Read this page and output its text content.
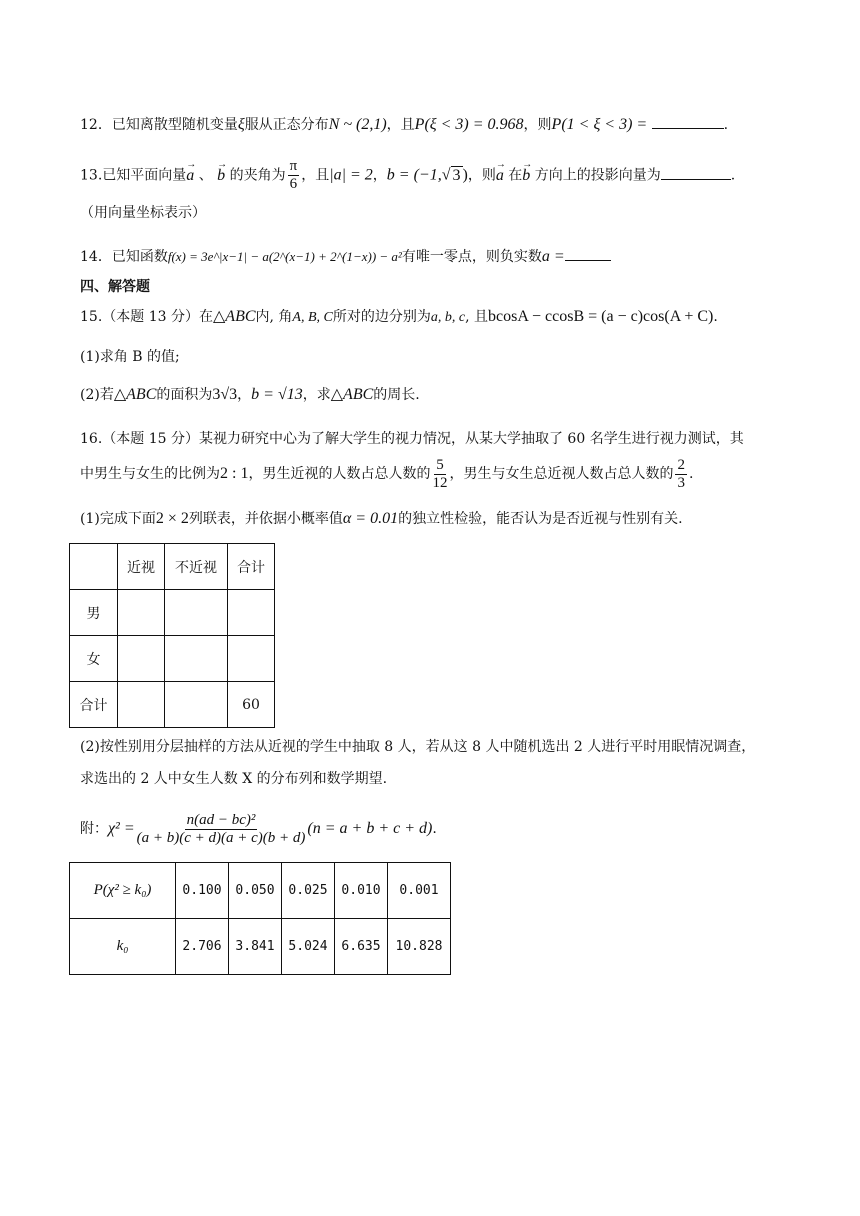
12．已知离散型随机变量ξ服从正态分布N ~ (2,1)，且P(ξ < 3) = 0.968，则P(1 < ξ < 3) =	.
13.已知平面向量→ a 、 → b 的夹角为 $\frac{\pi}{6}$ ，且|a| = 2，b = (−1,√ 3 )，则→ a 在→ b 方向上的投影向量为	.
（用向量坐标表示）
14．已知函数f(x) = 3e^|x−1| − a(2^(x−1) + 2^(1−x)) − a²有唯一零点，则负实数a =
四、解答题
15.（本题 13 分）在△ABC内, 角A, B, C所对的边分别为a, b, c, 且bcosA − ccosB = (a − c)cos(A + C).
(1)求角 B 的值;
(2)若△ABC的面积为3√3，b = √13，求△ABC的周长.
16.（本题 15 分）某视力研究中心为了解大学生的视力情况，从某大学抽取了 60 名学生进行视力测试，其
中男生与女生的比例为2 : 1，男生近视的人数占总人数的 $\frac{5}{12}$ ，男生与女生总近视人数占总人数的 $\frac{2}{3}$ .
(1)完成下面2 × 2列联表，并依据小概率值α = 0.01的独立性检验，能否认为是否近视与性别有关.
	近视	不近视	合计
男			
女			
合计			60
(2)按性别用分层抽样的方法从近视的学生中抽取 8 人，若从这 8 人中随机选出 2 人进行平时用眠情况调查，
求选出的 2 人中女生人数 X 的分布列和数学期望.
附：$\chi^2 = \frac{\text{n(ad − bc)²}}{(a + b)(c + d)(a + c)(b + d)} (n = a + b + c + d)$.
P(χ² ≥ k₀)	0.100	0.050	0.025	0.010	0.001
k₀	2.706	3.841	5.024	6.635	10.828
